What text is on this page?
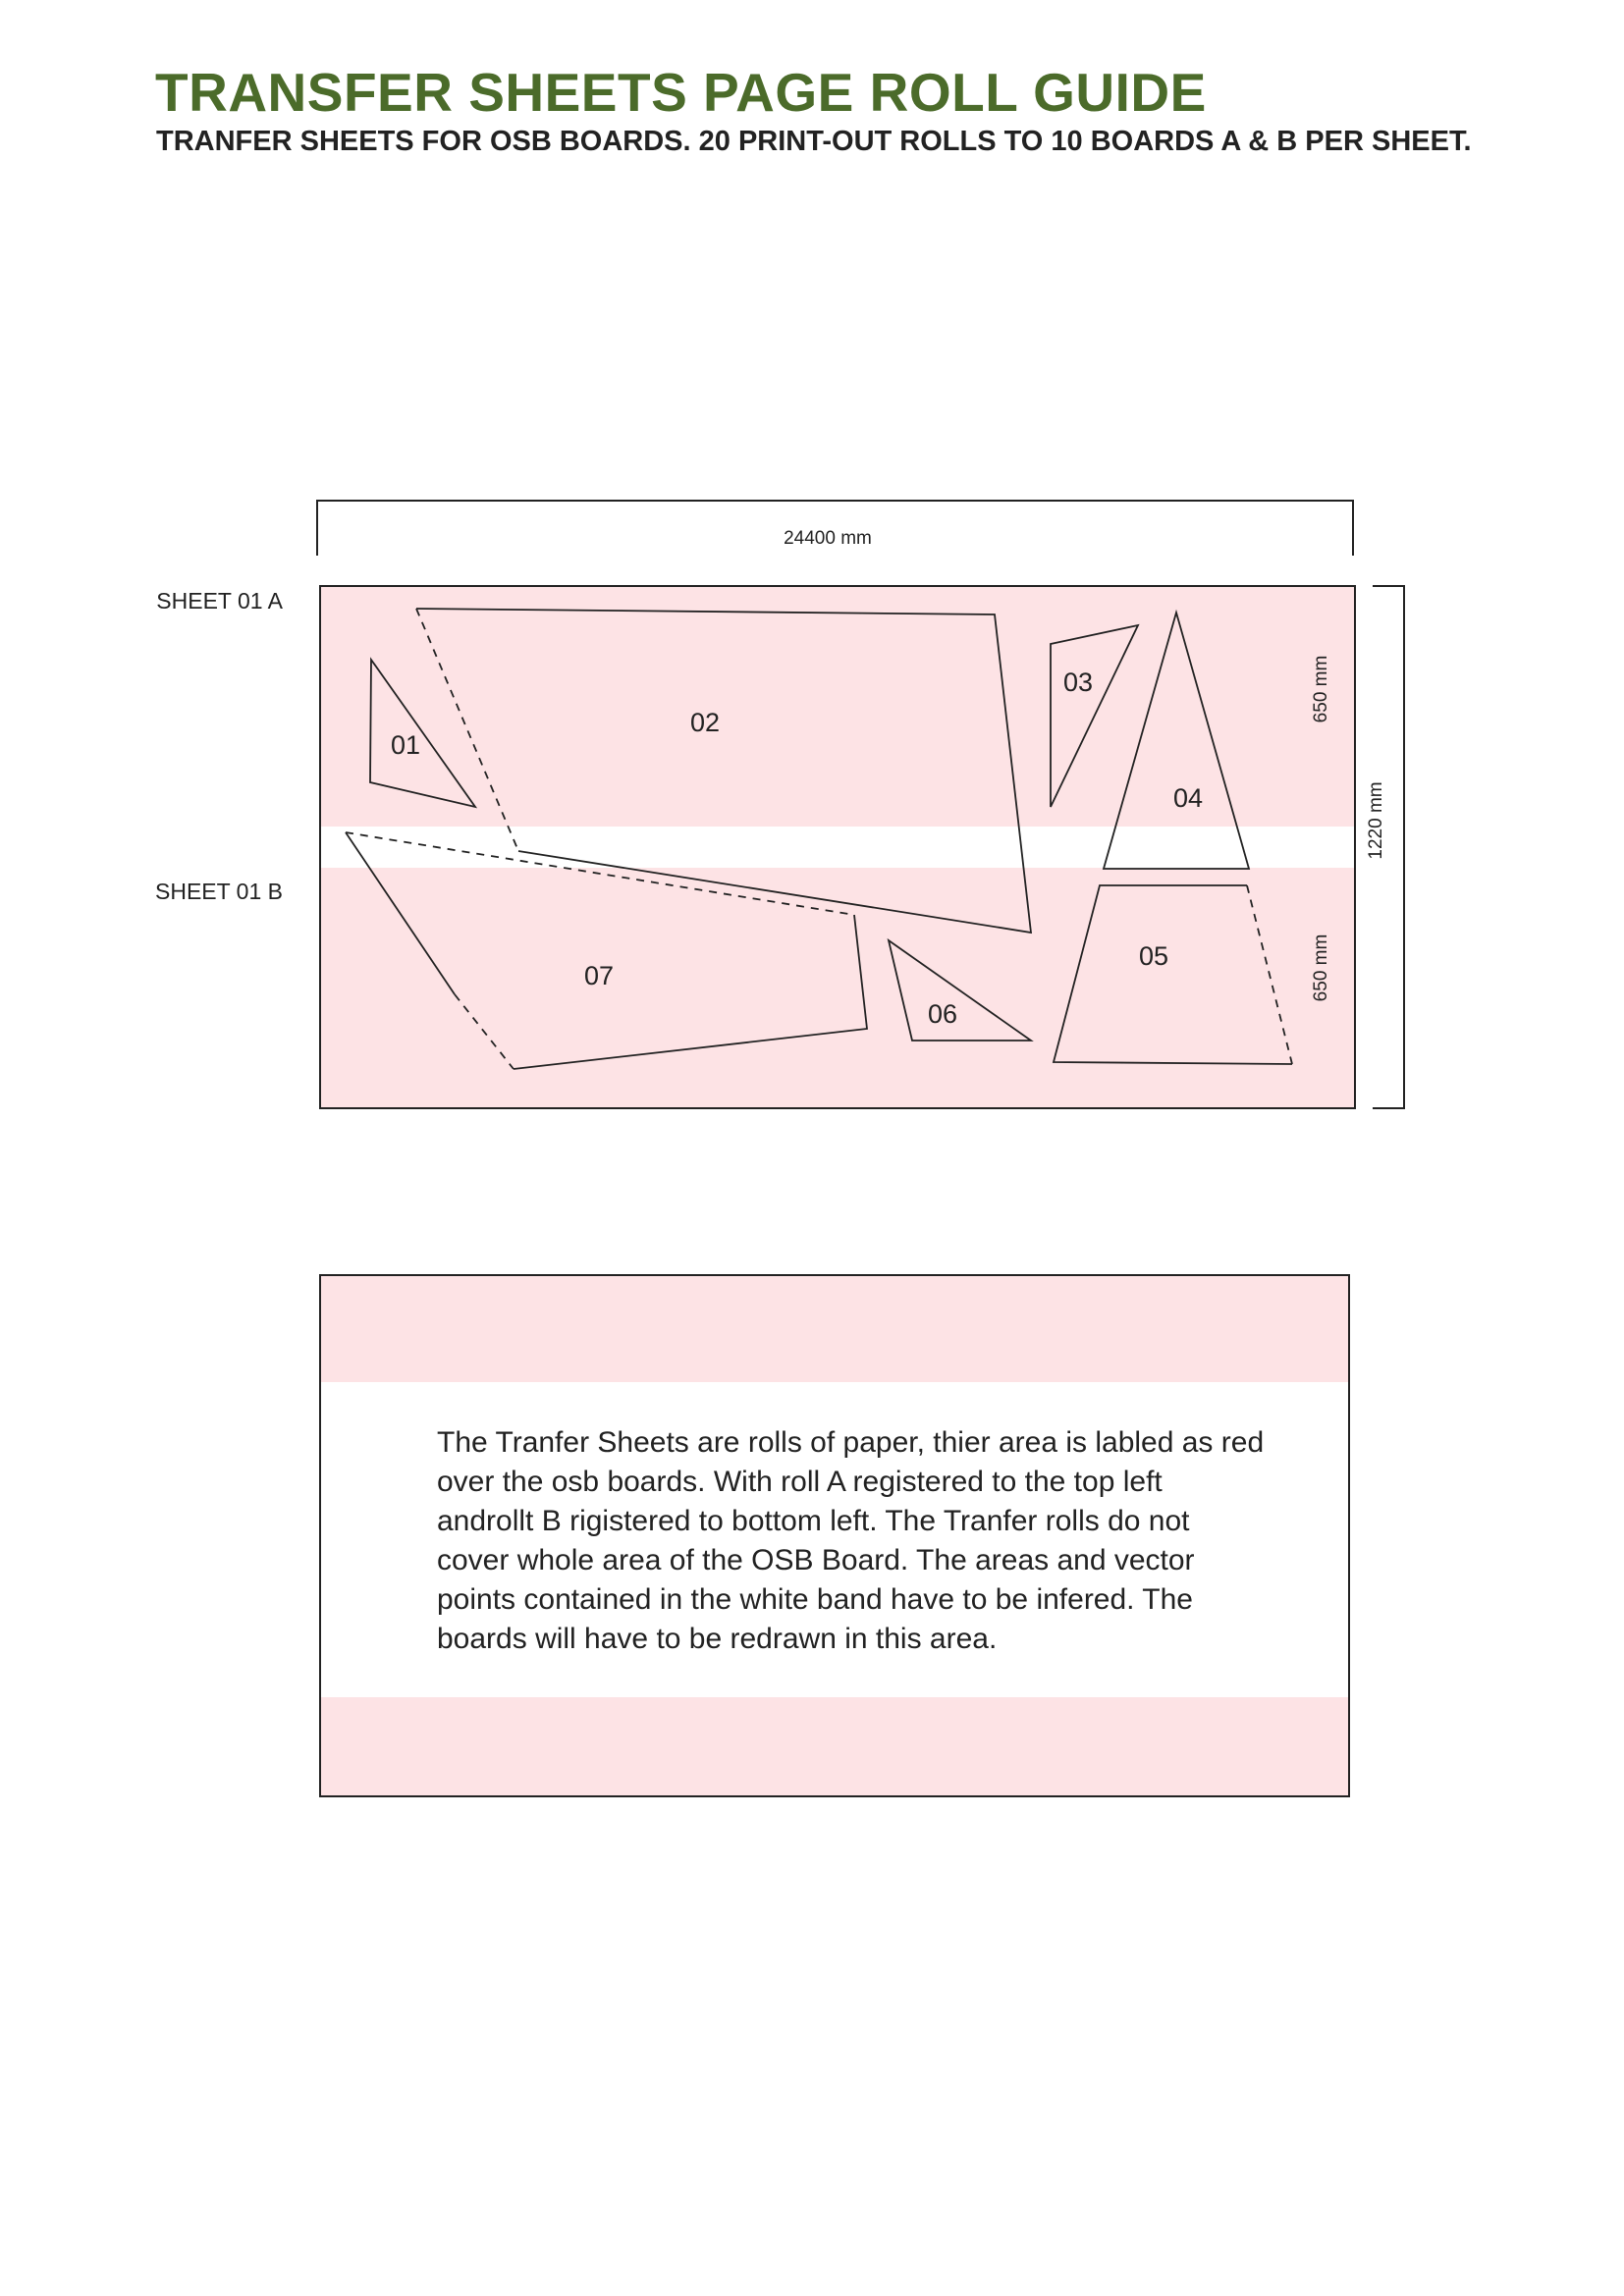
TRANSFER SHEETS PAGE ROLL GUIDE
TRANFER SHEETS FOR OSB BOARDS. 20 PRINT-OUT ROLLS TO 10 BOARDS A & B PER SHEET.
24400 mm
1220 mm
650 mm
650 mm
SHEET 01 A
SHEET 01 B
01
02
03
04
05
06
07

The Tranfer Sheets are rolls of paper, thier area is labled as red
over the osb boards. With roll A registered to the top left
androllt B rigistered to bottom left. The Tranfer rolls do not
cover whole area of the OSB Board. The areas and vector
points contained in the white band have to be infered. The
boards will have to be redrawn in this area.
